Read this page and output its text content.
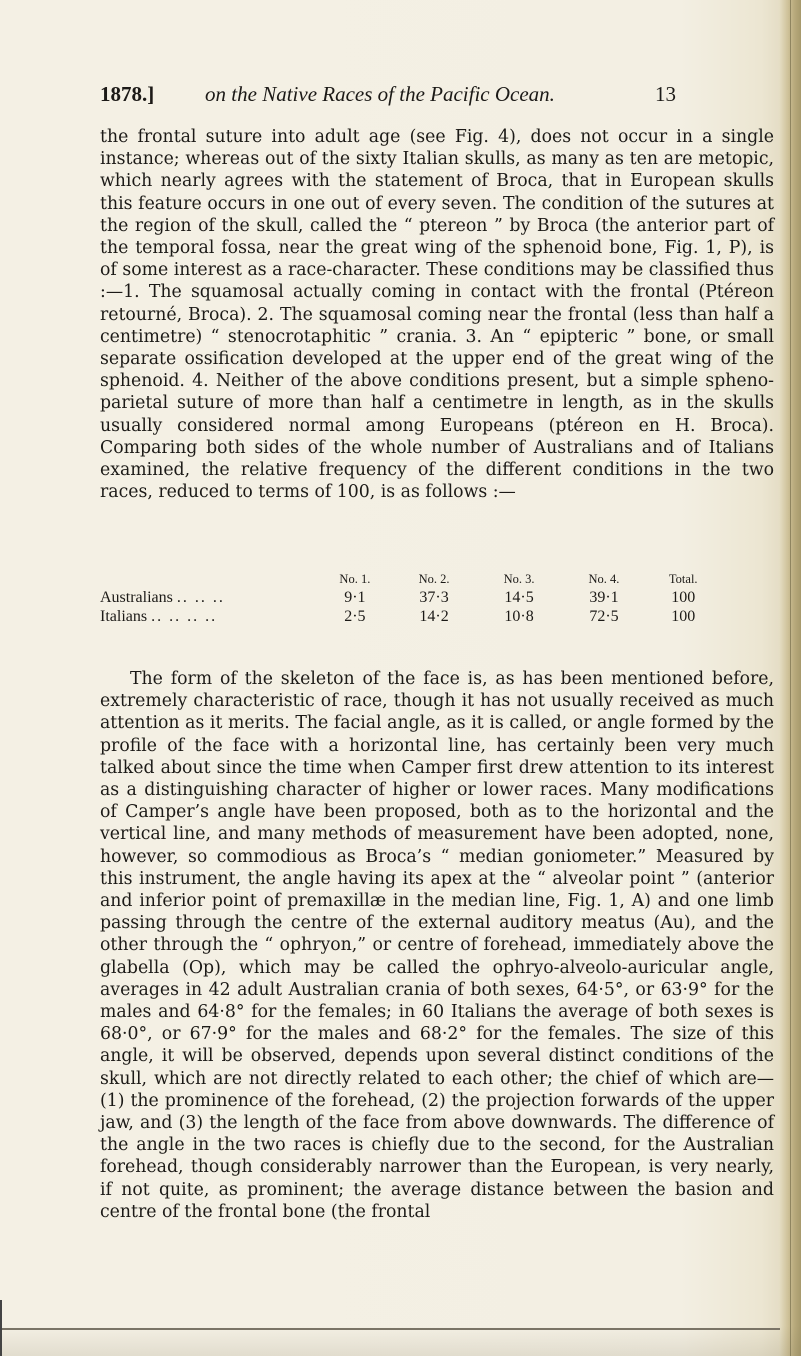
1878.]	on the Native Races of the Pacific Ocean.	13

the frontal suture into adult age (see Fig. 4), does not occur in a single instance; whereas out of the sixty Italian skulls, as many as ten are metopic, which nearly agrees with the statement of Broca, that in European skulls this feature occurs in one out of every seven. The condition of the sutures at the region of the skull, called the “ ptereon ” by Broca (the anterior part of the temporal fossa, near the great wing of the sphenoid bone, Fig. 1, P), is of some interest as a race-character. These conditions may be classified thus :—1. The squamosal actually coming in contact with the frontal (Ptéreon retourné, Broca). 2. The squamosal coming near the frontal (less than half a centimetre) “ stenocrotaphitic ” crania. 3. An “ epipteric ” bone, or small separate ossification developed at the upper end of the great wing of the sphenoid. 4. Neither of the above conditions present, but a simple spheno-parietal suture of more than half a centimetre in length, as in the skulls usually considered normal among Europeans (ptéreon en H. Broca). Comparing both sides of the whole number of Australians and of Italians examined, the relative frequency of the different conditions in the two races, reduced to terms of 100, is as follows :—

	No. 1.	No. 2.	No. 3.	No. 4.	Total.
Australians .. .. ..	9·1	37·3	14·5	39·1	100
Italians .. .. .. ..	2·5	14·2	10·8	72·5	100

The form of the skeleton of the face is, as has been mentioned before, extremely characteristic of race, though it has not usually received as much attention as it merits. The facial angle, as it is called, or angle formed by the profile of the face with a horizontal line, has certainly been very much talked about since the time when Camper first drew attention to its interest as a distinguishing character of higher or lower races. Many modifications of Camper’s angle have been proposed, both as to the horizontal and the vertical line, and many methods of measurement have been adopted, none, however, so commodious as Broca’s “ median goniometer.” Measured by this instrument, the angle having its apex at the “ alveolar point ” (anterior and inferior point of premaxillæ in the median line, Fig. 1, A) and one limb passing through the centre of the external auditory meatus (Au), and the other through the “ ophryon,” or centre of forehead, immediately above the glabella (Op), which may be called the ophryo-alveolo-auricular angle, averages in 42 adult Australian crania of both sexes, 64·5°, or 63·9° for the males and 64·8° for the females; in 60 Italians the average of both sexes is 68·0°, or 67·9° for the males and 68·2° for the females. The size of this angle, it will be observed, depends upon several distinct conditions of the skull, which are not directly related to each other; the chief of which are— (1) the prominence of the forehead, (2) the projection forwards of the upper jaw, and (3) the length of the face from above downwards. The difference of the angle in the two races is chiefly due to the second, for the Australian forehead, though considerably narrower than the European, is very nearly, if not quite, as prominent; the average distance between the basion and centre of the frontal bone (the frontal
